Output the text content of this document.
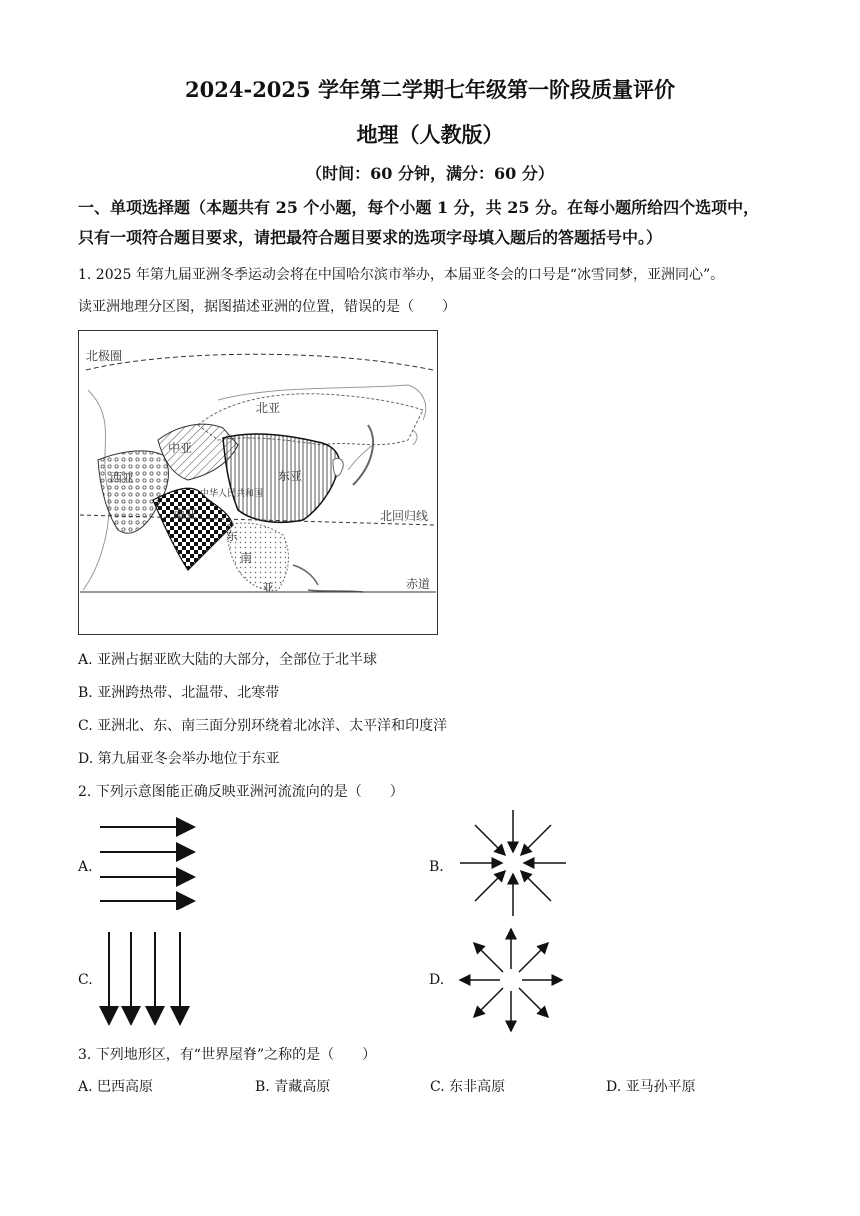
2024-2025 学年第二学期七年级第一阶段质量评价
地理（人教版）
（时间：60 分钟，满分：60 分）
一、单项选择题（本题共有 25 个小题，每个小题 1 分，共 25 分。在每小题所给四个选项中，
只有一项符合题目要求，请把最符合题目要求的选项字母填入题后的答题括号中。）
1. 2025 年第九届亚洲冬季运动会将在中国哈尔滨市举办，本届亚冬会的口号是“冰雪同梦，亚洲同心”。
读亚洲地理分区图，据图描述亚洲的位置，错误的是（　　）
北极圈
北亚
中亚
西亚	东亚
中华人民共和国
南亚
东
南
亚
北回归线
赤道
A. 亚洲占据亚欧大陆的大部分，全部位于北半球
B. 亚洲跨热带、北温带、北寒带
C. 亚洲北、东、南三面分别环绕着北冰洋、太平洋和印度洋
D. 第九届亚冬会举办地位于东亚
2. 下列示意图能正确反映亚洲河流流向的是（　　）
A.	B.
C.	D.
3. 下列地形区，有“世界屋脊”之称的是（　　）
A. 巴西高原	B. 青藏高原	C. 东非高原	D. 亚马孙平原
